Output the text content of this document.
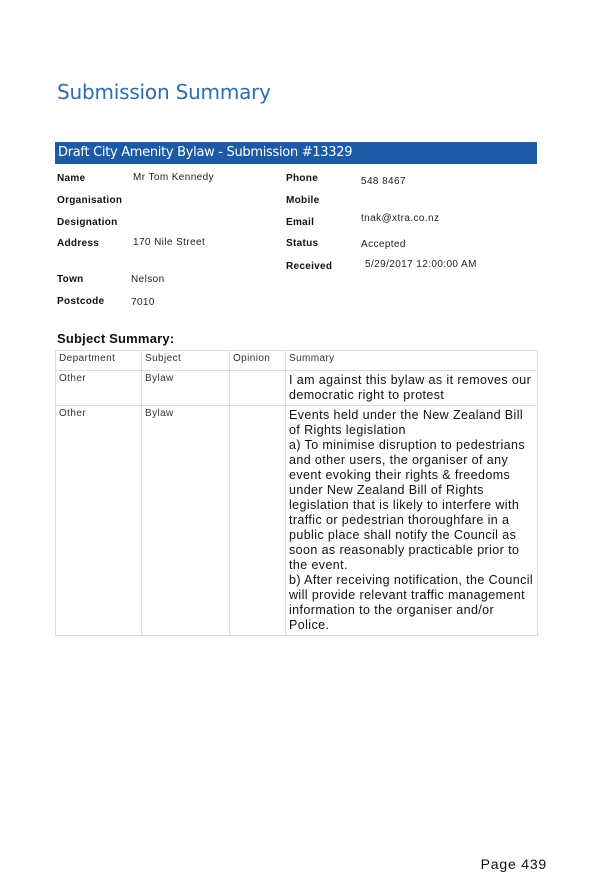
Submission Summary
Draft City Amenity Bylaw - Submission #13329
Name	Mr Tom Kennedy
Organisation
Designation
Address	170 Nile Street
Town	Nelson
Postcode	7010
Phone	548 8467
Mobile
Email	tnak@xtra.co.nz
Status	Accepted
Received	5/29/2017 12:00:00 AM
Subject Summary:
Department	Subject	Opinion	Summary
Other	Bylaw		I am against this bylaw as it removes our democratic right to protest
Other	Bylaw		Events held under the New Zealand Bill of Rights legislation
a) To minimise disruption to pedestrians and other users, the organiser of any event evoking their rights & freedoms under New Zealand Bill of Rights legislation that is likely to interfere with traffic or pedestrian thoroughfare in a public place shall notify the Council as soon as reasonably practicable prior to the event.
b) After receiving notification, the Council will provide relevant traffic management information to the organiser and/or Police.
Page 439
